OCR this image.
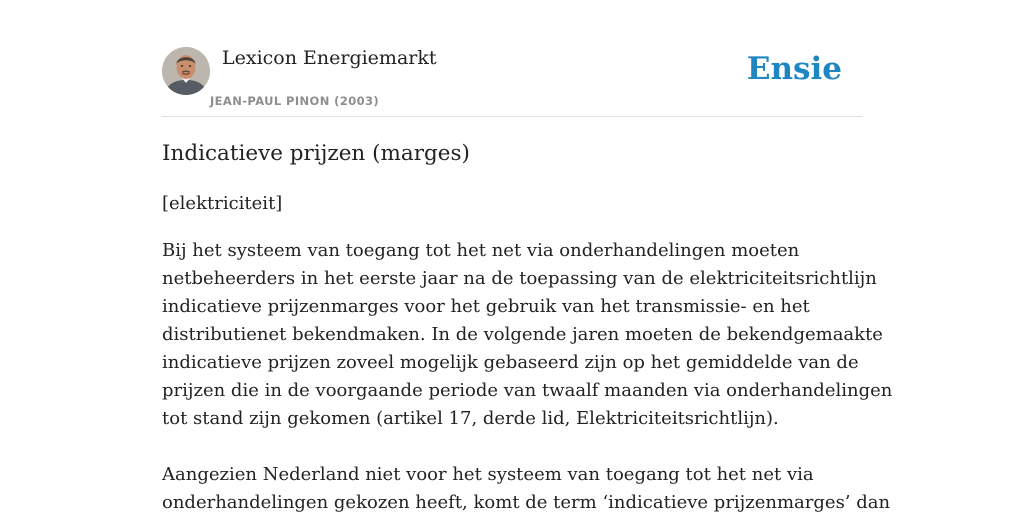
Lexicon Energiemarkt
JEAN-PAUL PINON (2003)
Ensie
Indicatieve prijzen (marges)

[elektriciteit]

Bij het systeem van toegang tot het net via onderhandelingen moeten
netbeheerders in het eerste jaar na de toepassing van de elektriciteitsrichtlijn
indicatieve prijzenmarges voor het gebruik van het transmissie- en het
distributienet bekendmaken. In de volgende jaren moeten de bekendgemaakte
indicatieve prijzen zoveel mogelijk gebaseerd zijn op het gemiddelde van de
prijzen die in de voorgaande periode van twaalf maanden via onderhandelingen
tot stand zijn gekomen (artikel 17, derde lid, Elektriciteitsrichtlijn).

Aangezien Nederland niet voor het systeem van toegang tot het net via
onderhandelingen gekozen heeft, komt de term ‘indicatieve prijzenmarges’ dan
